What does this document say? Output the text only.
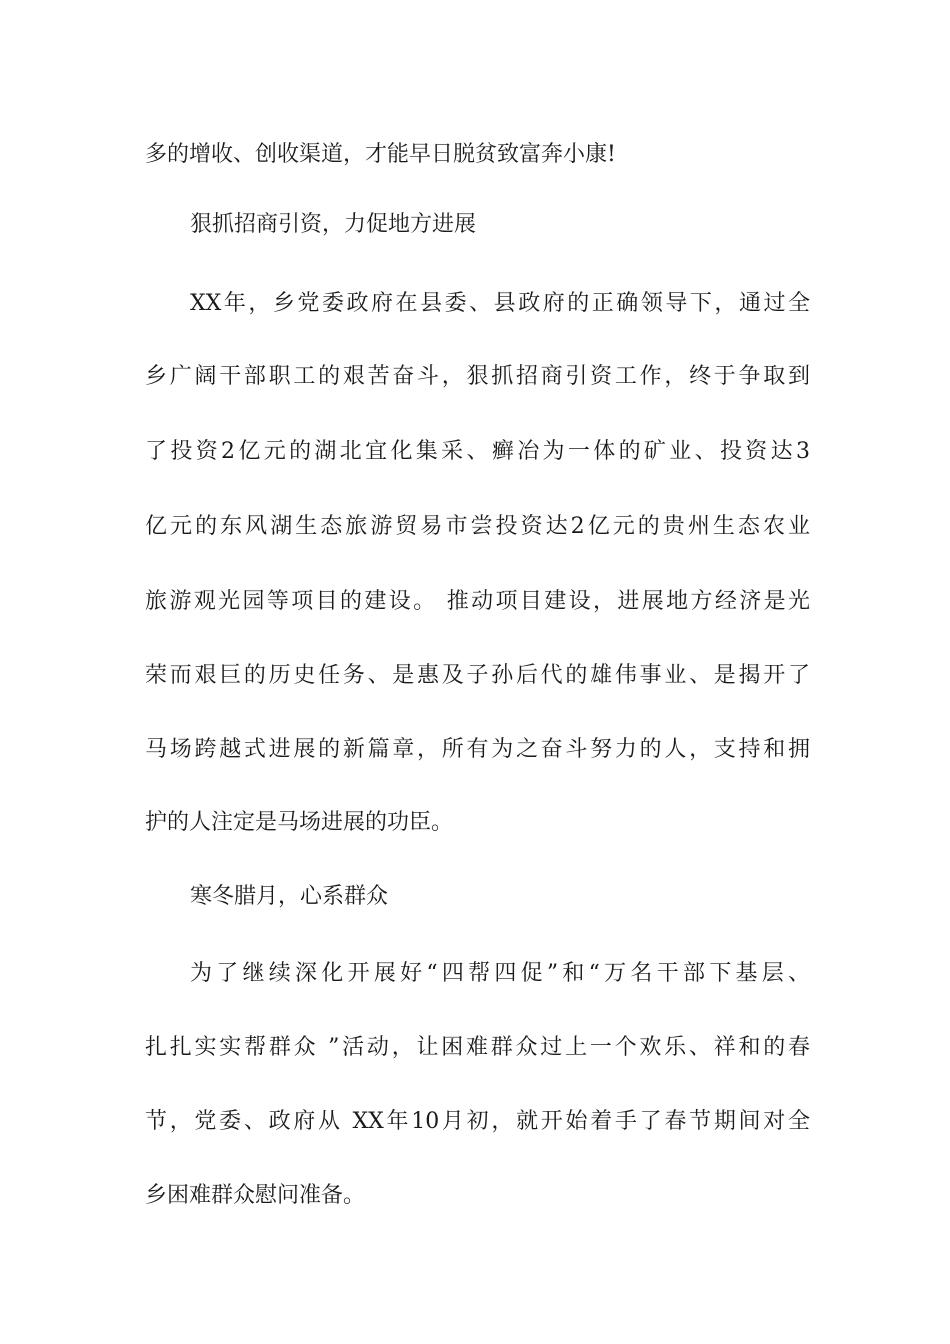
多的增收、创收渠道，才能早日脱贫致富奔小康!
狠抓招商引资，力促地方进展
XX年，乡党委政府在县委、县政府的正确领导下，通过全
乡广阔干部职工的艰苦奋斗，狠抓招商引资工作，终于争取到
了投资2亿元的湖北宜化集采、癣冶为一体的矿业、投资达3
亿元的东风湖生态旅游贸易市尝投资达2亿元的贵州生态农业
旅游观光园等项目的建设。 推动项目建设，进展地方经济是光
荣而艰巨的历史任务、是惠及子孙后代的雄伟事业、是揭开了
马场跨越式进展的新篇章，所有为之奋斗努力的人，支持和拥
护的人注定是马场进展的功臣。
寒冬腊月，心系群众
为了继续深化开展好“四帮四促”和“万名干部下基层、
扎扎实实帮群众 ”活动，让困难群众过上一个欢乐、祥和的春
节，党委、政府从 XX年10月初，就开始着手了春节期间对全
乡困难群众慰问准备。
